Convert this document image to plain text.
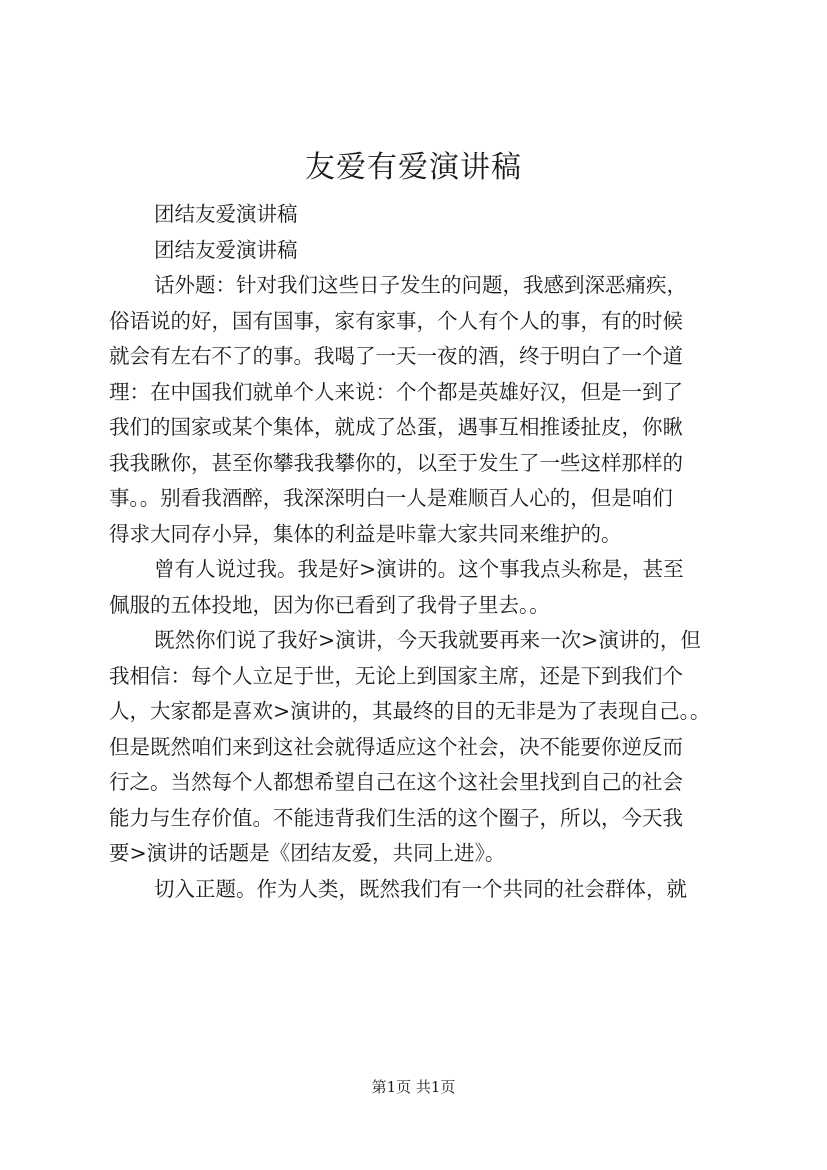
友爱有爱演讲稿
团结友爱演讲稿
团结友爱演讲稿
话外题：针对我们这些日子发生的问题，我感到深恶痛疾，
俗语说的好，国有国事，家有家事，个人有个人的事，有的时候
就会有左右不了的事。我喝了一天一夜的酒，终于明白了一个道
理：在中国我们就单个人来说：个个都是英雄好汉，但是一到了
我们的国家或某个集体，就成了怂蛋，遇事互相推诿扯皮，你瞅
我我瞅你，甚至你攀我我攀你的，以至于发生了一些这样那样的
事。。别看我酒醉，我深深明白一人是难顺百人心的，但是咱们
得求大同存小异，集体的利益是咔靠大家共同来维护的。
曾有人说过我。我是好>演讲的。这个事我点头称是，甚至
佩服的五体投地，因为你已看到了我骨子里去。。
既然你们说了我好>演讲，今天我就要再来一次>演讲的，但
我相信：每个人立足于世，无论上到国家主席，还是下到我们个
人，大家都是喜欢>演讲的，其最终的目的无非是为了表现自己。。
但是既然咱们来到这社会就得适应这个社会，决不能要你逆反而
行之。当然每个人都想希望自己在这个这社会里找到自己的社会
能力与生存价值。不能违背我们生活的这个圈子，所以，今天我
要>演讲的话题是《团结友爱，共同上进》。
切入正题。作为人类，既然我们有一个共同的社会群体，就
第1页 共1页
